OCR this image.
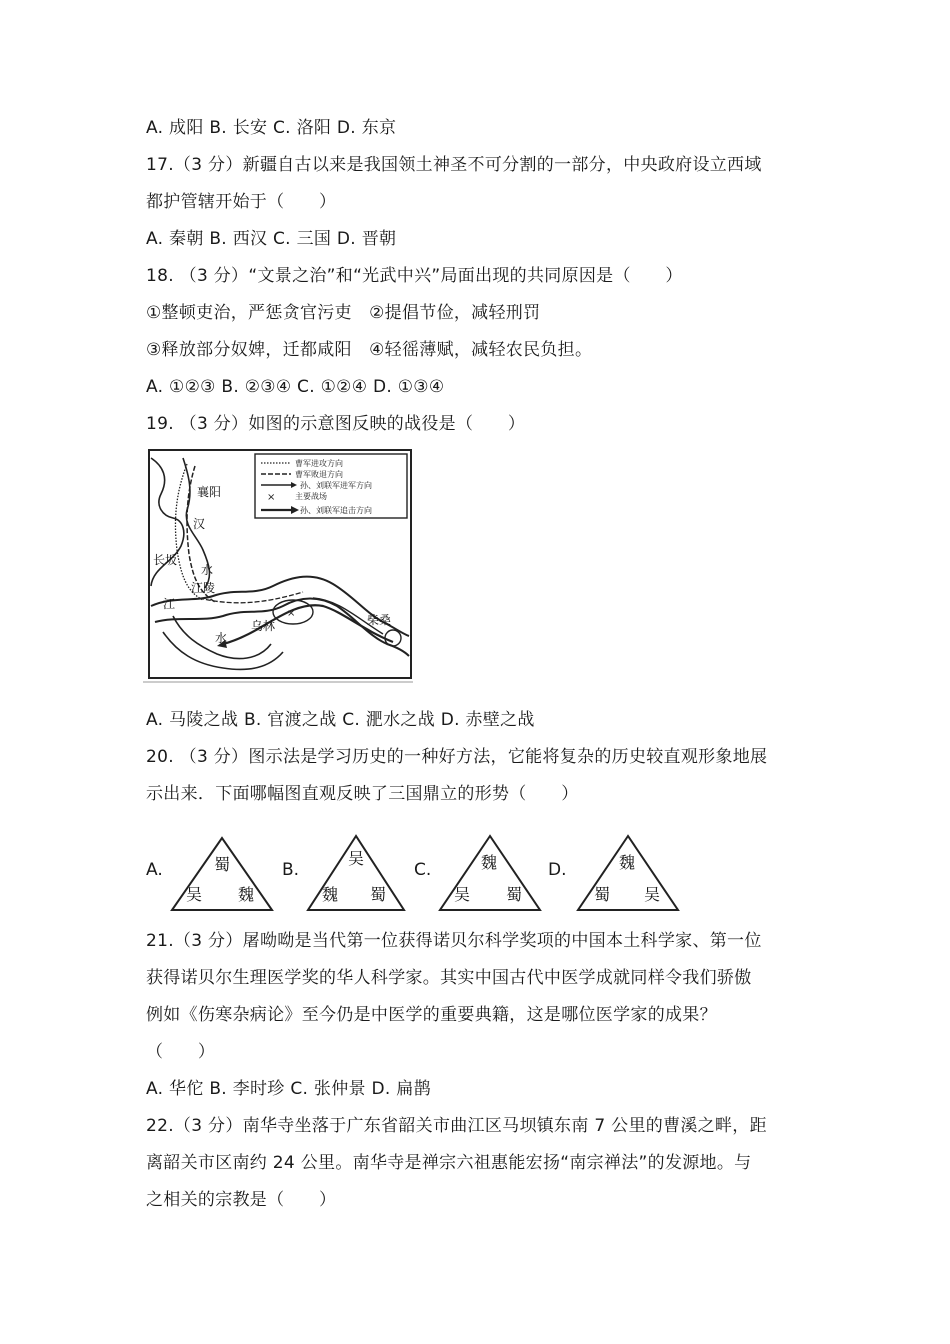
A. 成阳 B. 长安 C. 洛阳 D. 东京
17.（3 分）新疆自古以来是我国领土神圣不可分割的一部分，中央政府设立西域
都护管辖开始于（　　）
A. 秦朝 B. 西汉 C. 三国 D. 晋朝
18. （3 分）“文景之治”和“光武中兴”局面出现的共同原因是（　　）
①整顿吏治，严惩贪官污吏　②提倡节俭，减轻刑罚
③释放部分奴婢，迁都咸阳　④轻徭薄赋，减轻农民负担。
A. ①②③ B. ②③④ C. ①②④ D. ①③④
19. （3 分）如图的示意图反映的战役是（　　）
曹军进攻方向
曹军败退方向
孙、刘联军进军方向
× 主要战场
孙、刘联军追击方向
×
襄阳
汉
水
长坂
江陵
江
乌林
水
柴桑
A. 马陵之战 B. 官渡之战 C. 淝水之战 D. 赤壁之战
20. （3 分）图示法是学习历史的一种好方法，它能将复杂的历史较直观形象地展
示出来．下面哪幅图直观反映了三国鼎立的形势（　　）
A.	蜀
吴 魏
B.
吴
魏 蜀
C.	魏
吴 蜀
D.	魏
蜀 吴
21.（3 分）屠呦呦是当代第一位获得诺贝尔科学奖项的中国本土科学家、第一位
获得诺贝尔生理医学奖的华人科学家。其实中国古代中医学成就同样令我们骄傲
例如《伤寒杂病论》至今仍是中医学的重要典籍，这是哪位医学家的成果？
（　　）
A. 华佗 B. 李时珍 C. 张仲景 D. 扁鹊
22.（3 分）南华寺坐落于广东省韶关市曲江区马坝镇东南 7 公里的曹溪之畔，距
离韶关市区南约 24 公里。南华寺是禅宗六祖惠能宏扬“南宗禅法”的发源地。与
之相关的宗教是（　　）
